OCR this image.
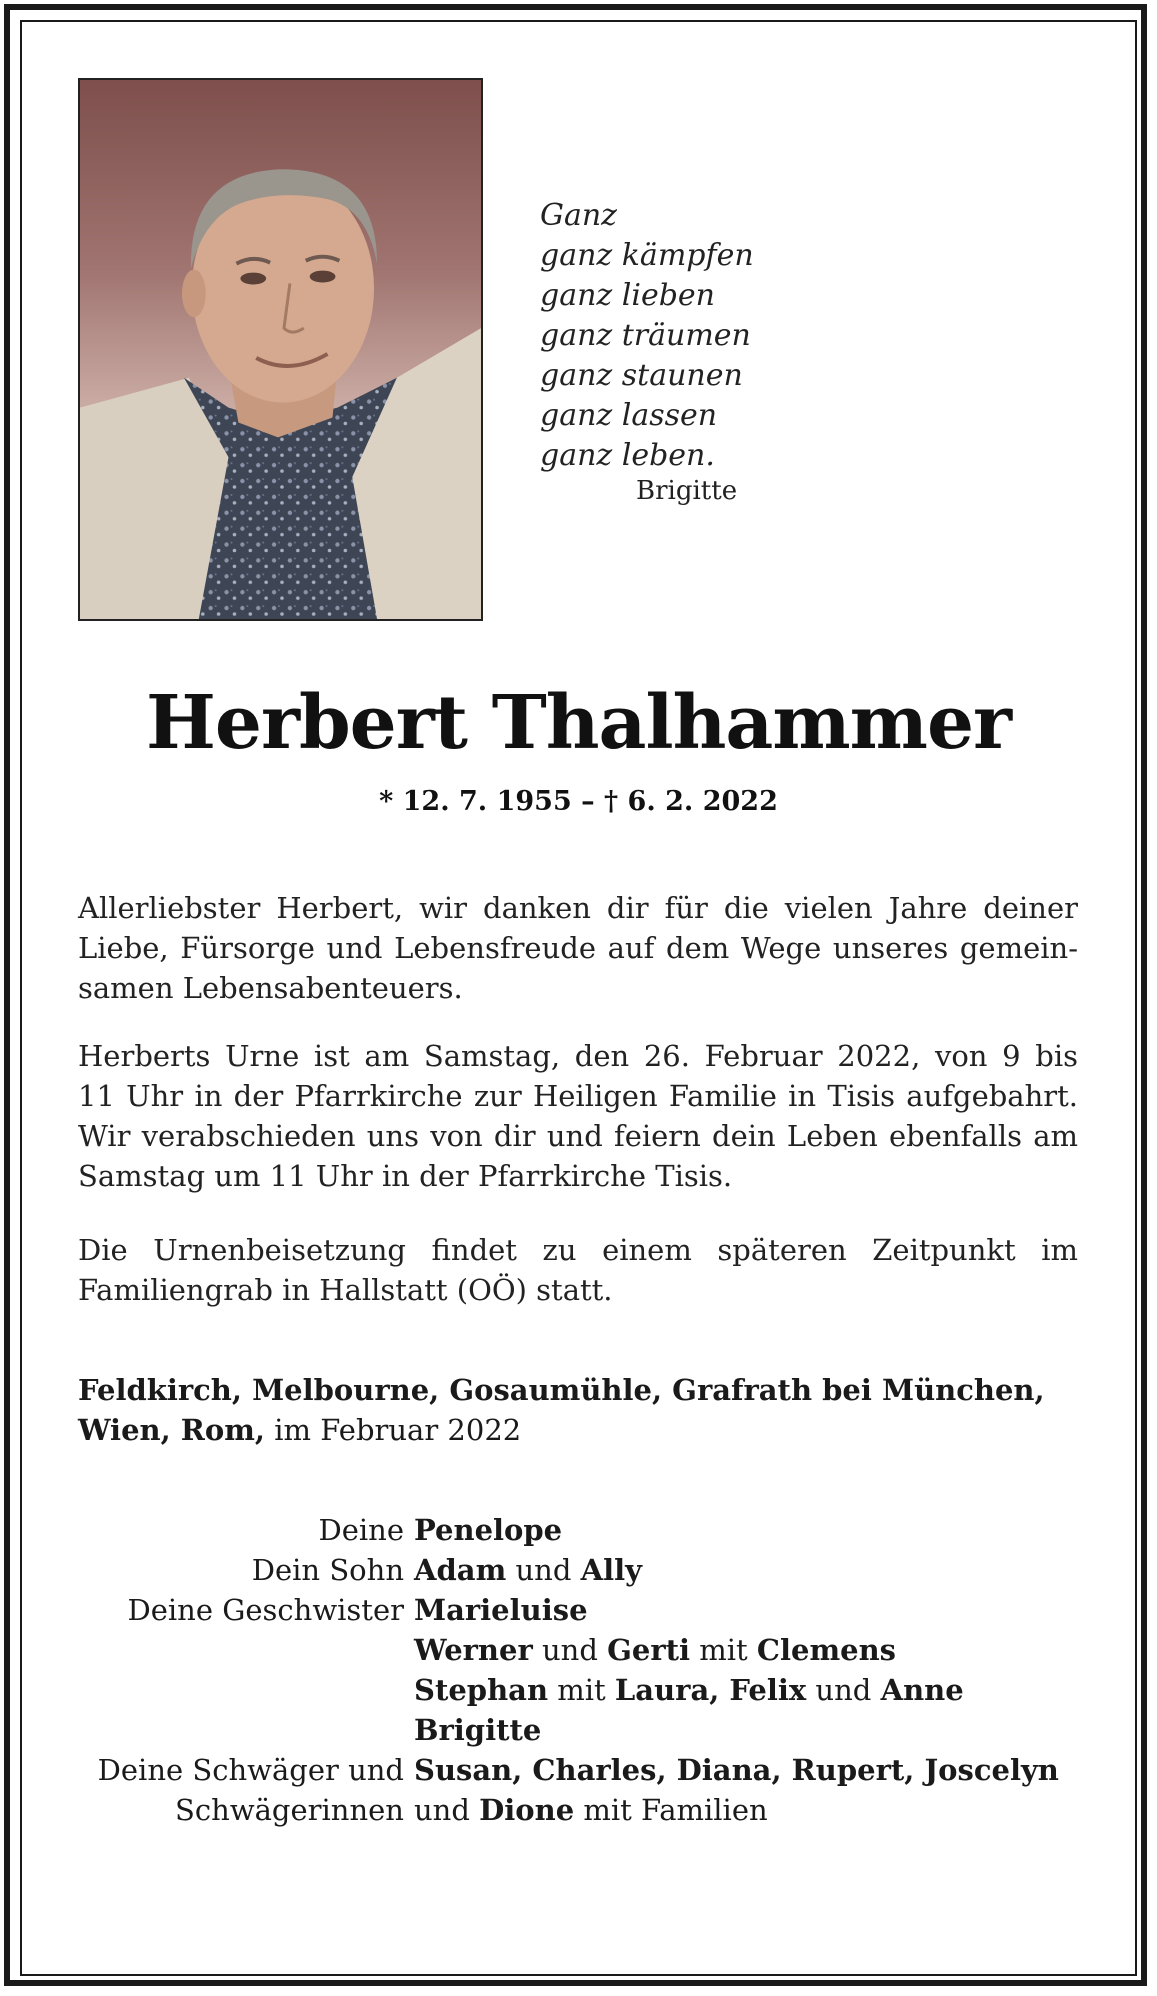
Ganz
ganz kämpfen
ganz lieben
ganz träumen
ganz staunen
ganz lassen
ganz leben.
Brigitte
Herbert Thalhammer
* 12. 7. 1955 – † 6. 2. 2022
Allerliebster Herbert, wir danken dir für die vielen Jahre deiner
Liebe, Fürsorge und Lebensfreude auf dem Wege unseres gemein-
samen Lebensabenteuers.
Herberts Urne ist am Samstag, den 26. Februar 2022, von 9 bis
11 Uhr in der Pfarrkirche zur Heiligen Familie in Tisis aufgebahrt.
Wir verabschieden uns von dir und feiern dein Leben ebenfalls am
Samstag um 11 Uhr in der Pfarrkirche Tisis.
Die Urnenbeisetzung findet zu einem späteren Zeitpunkt im
Familiengrab in Hallstatt (OÖ) statt.
Feldkirch, Melbourne, Gosaumühle, Grafrath bei München,
Wien, Rom, im Februar 2022
Deine Penelope
Dein Sohn Adam und Ally
Deine Geschwister Marieluise
Werner und Gerti mit Clemens
Stephan mit Laura, Felix und Anne
Brigitte
Deine Schwäger und Susan, Charles, Diana, Rupert, Joscelyn
Schwägerinnen und Dione mit Familien
